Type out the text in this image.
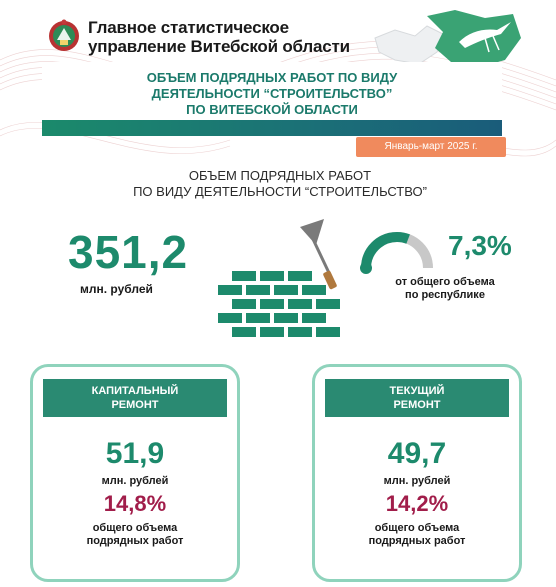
Главное статистическое
управление Витебской области
ОБЪЕМ ПОДРЯДНЫХ РАБОТ ПО ВИДУ
ДЕЯТЕЛЬНОСТИ “СТРОИТЕЛЬСТВО”
ПО ВИТЕБСКОЙ ОБЛАСТИ
Январь-март 2025 г.
ОБЪЕМ ПОДРЯДНЫХ РАБОТ
ПО ВИДУ ДЕЯТЕЛЬНОСТИ “СТРОИТЕЛЬСТВО”
351,2
млн. рублей
7,3%
от общего объема
по республике
КАПИТАЛЬНЫЙ
РЕМОНТ
51,9
млн. рублей
14,8%
общего объема
подрядных работ
ТЕКУЩИЙ
РЕМОНТ
49,7
млн. рублей
14,2%
общего объема
подрядных работ
